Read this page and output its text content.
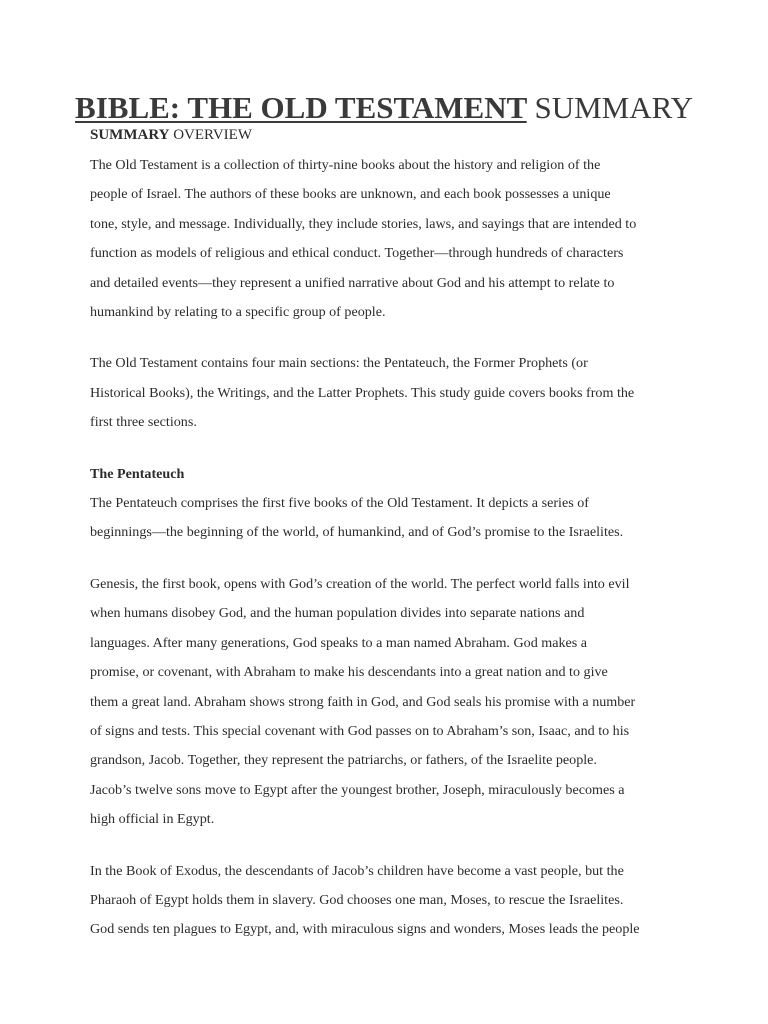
BIBLE: THE OLD TESTAMENT SUMMARY
SUMMARY OVERVIEW

The Old Testament is a collection of thirty-nine books about the history and religion of the

people of Israel. The authors of these books are unknown, and each book possesses a unique

tone, style, and message. Individually, they include stories, laws, and sayings that are intended to

function as models of religious and ethical conduct. Together—through hundreds of characters

and detailed events—they represent a unified narrative about God and his attempt to relate to

humankind by relating to a specific group of people.

The Old Testament contains four main sections: the Pentateuch, the Former Prophets (or

Historical Books), the Writings, and the Latter Prophets. This study guide covers books from the

first three sections.

The Pentateuch

The Pentateuch comprises the first five books of the Old Testament. It depicts a series of

beginnings—the beginning of the world, of humankind, and of God’s promise to the Israelites.

Genesis, the first book, opens with God’s creation of the world. The perfect world falls into evil

when humans disobey God, and the human population divides into separate nations and

languages. After many generations, God speaks to a man named Abraham. God makes a

promise, or covenant, with Abraham to make his descendants into a great nation and to give

them a great land. Abraham shows strong faith in God, and God seals his promise with a number

of signs and tests. This special covenant with God passes on to Abraham’s son, Isaac, and to his

grandson, Jacob. Together, they represent the patriarchs, or fathers, of the Israelite people.

Jacob’s twelve sons move to Egypt after the youngest brother, Joseph, miraculously becomes a

high official in Egypt.

In the Book of Exodus, the descendants of Jacob’s children have become a vast people, but the

Pharaoh of Egypt holds them in slavery. God chooses one man, Moses, to rescue the Israelites.

God sends ten plagues to Egypt, and, with miraculous signs and wonders, Moses leads the people
